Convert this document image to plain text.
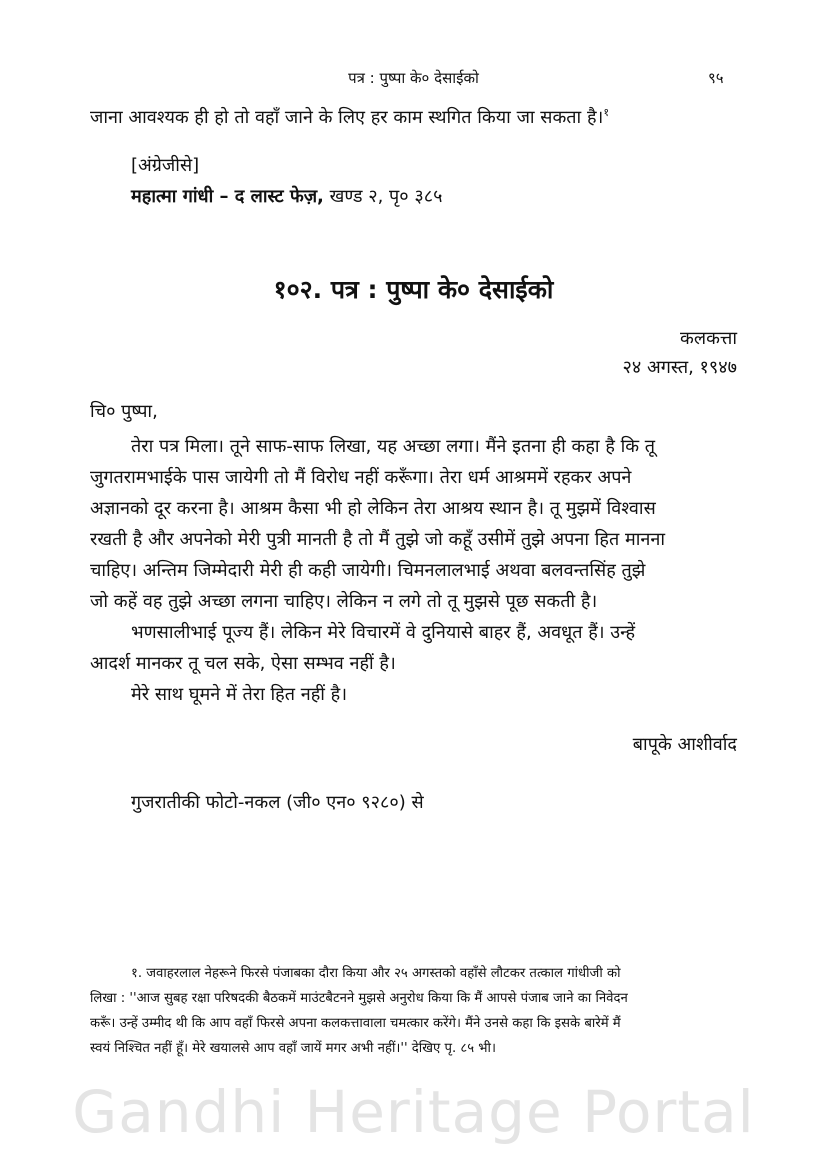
पत्र : पुष्पा के० देसाईको	९५
जाना आवश्यक ही हो तो वहाँ जाने के लिए हर काम स्थगित किया जा सकता है।$^१$
[अंग्रेजीसे]
महात्मा गांधी – द लास्ट फेज़, खण्ड २, पृ० ३८५
१०२. पत्र : पुष्पा के० देसाईको
कलकत्ता
२४ अगस्त, १९४७
चि० पुष्पा,
तेरा पत्र मिला। तूने साफ-साफ लिखा, यह अच्छा लगा। मैंने इतना ही कहा है कि तू
जुगतरामभाईके पास जायेगी तो मैं विरोध नहीं करूँगा। तेरा धर्म आश्रममें रहकर अपने
अज्ञानको दूर करना है। आश्रम कैसा भी हो लेकिन तेरा आश्रय स्थान है। तू मुझमें विश्वास
रखती है और अपनेको मेरी पुत्री मानती है तो मैं तुझे जो कहूँ उसीमें तुझे अपना हित मानना
चाहिए। अन्तिम जिम्मेदारी मेरी ही कही जायेगी। चिमनलालभाई अथवा बलवन्तसिंह तुझे
जो कहें वह तुझे अच्छा लगना चाहिए। लेकिन न लगे तो तू मुझसे पूछ सकती है।
भणसालीभाई पूज्य हैं। लेकिन मेरे विचारमें वे दुनियासे बाहर हैं, अवधूत हैं। उन्हें
आदर्श मानकर तू चल सके, ऐसा सम्भव नहीं है।
मेरे साथ घूमने में तेरा हित नहीं है।
बापूके आशीर्वाद
गुजरातीकी फोटो-नकल (जी० एन० ९२८०) से
१. जवाहरलाल नेहरूने फिरसे पंजाबका दौरा किया और २५ अगस्तको वहाँसे लौटकर तत्काल गांधीजी को
लिखा : ''आज सुबह रक्षा परिषदकी बैठकमें माउंटबैटनने मुझसे अनुरोध किया कि मैं आपसे पंजाब जाने का निवेदन
करूँ। उन्हें उम्मीद थी कि आप वहाँ फिरसे अपना कलकत्तावाला चमत्कार करेंगे। मैंने उनसे कहा कि इसके बारेमें मैं
स्वयं निश्चित नहीं हूँ। मेरे खयालसे आप वहाँ जायें मगर अभी नहीं।'' देखिए पृ. ८५ भी।
Gandhi Heritage Portal
